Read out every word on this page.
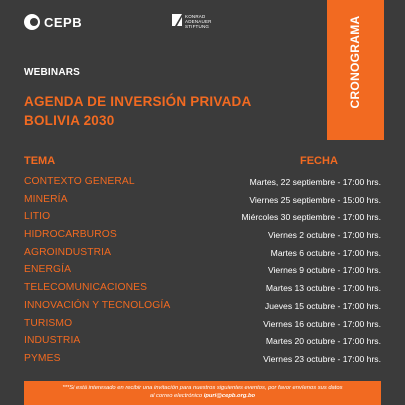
CEPB	KONRAD
ADENAUER
STIFTUNG	CRONOGRAMA
WEBINARS
AGENDA DE INVERSIÓN PRIVADA
BOLIVIA 2030
TEMA	FECHA
CONTEXTO GENERAL	Martes, 22 septiembre - 17:00 hrs.
MINERÍA	Viernes 25 septiembre - 15:00 hrs.
LITIO	Miércoles 30 septiembre - 17:00 hrs.
HIDROCARBUROS	Viernes 2 octubre - 17:00 hrs.
AGROINDUSTRIA	Martes 6 octubre - 17:00 hrs.
ENERGÍA	Viernes 9 octubre - 17:00 hrs.
TELECOMUNICACIONES	Martes 13 octubre - 17:00 hrs.
INNOVACIÓN Y TECNOLOGÍA	Jueves 15 octubre - 17:00 hrs.
TURISMO	Viernes 16 octubre - 17:00 hrs.
INDUSTRIA	Martes 20 octubre - 17:00 hrs.
PYMES	Viernes 23 octubre - 17:00 hrs.
***Si está interesado en recibir una invitación para nuestros siguientes eventos, por favor envíenos sus datos
al correo electrónico ipuri@cepb.org.bo
